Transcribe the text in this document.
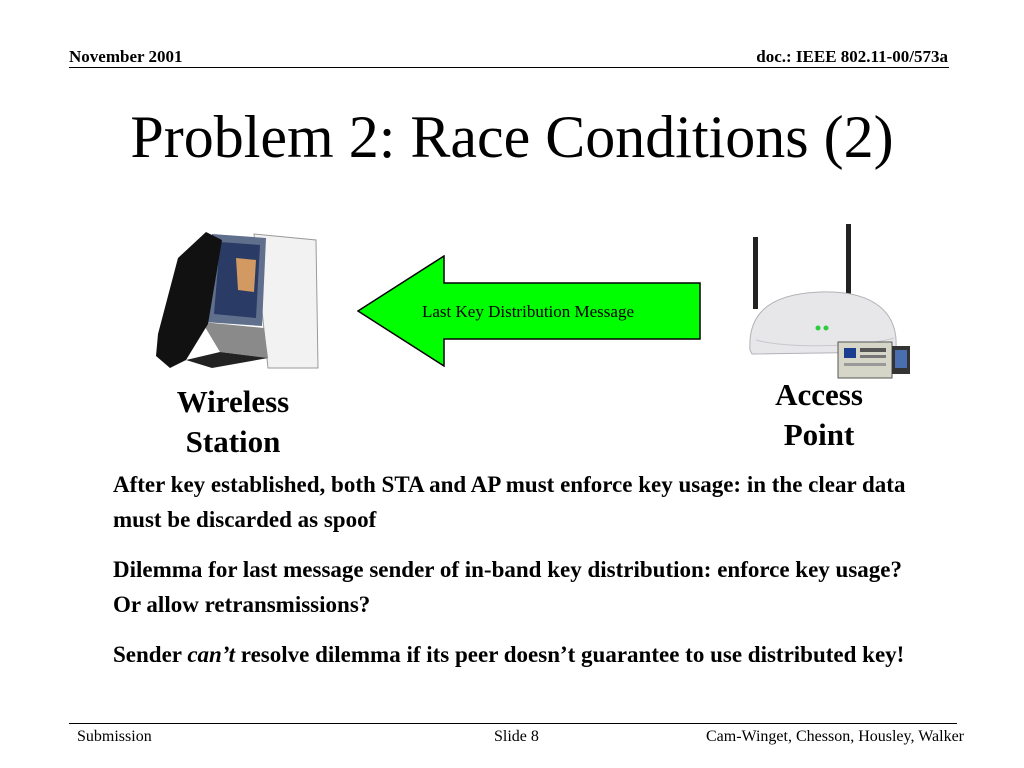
November 2001	doc.: IEEE 802.11-00/573a
Problem 2: Race Conditions (2)
Last Key Distribution Message
Wireless
Station
Access
Point

After key established, both STA and AP must enforce key usage: in the clear data must be discarded as spoof

Dilemma for last message sender of in-band key distribution: enforce key usage? Or allow retransmissions?

Sender can’t resolve dilemma if its peer doesn’t guarantee to use distributed key!

Submission	Slide 8	Cam-Winget, Chesson, Housley, Walker
